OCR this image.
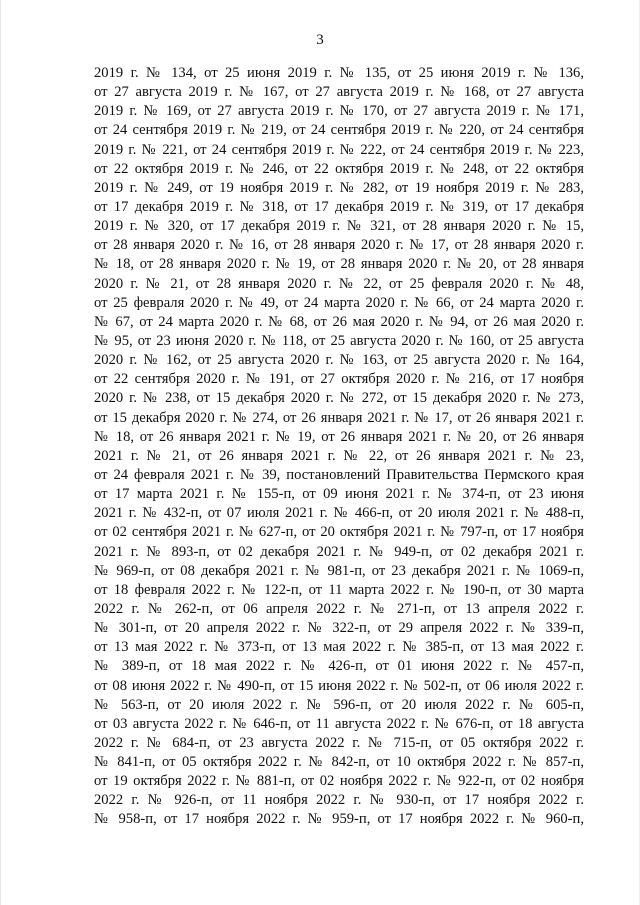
3
2019 г. № 134, от 25 июня 2019 г. № 135, от 25 июня 2019 г. № 136,
от 27 августа 2019 г. № 167, от 27 августа 2019 г. № 168, от 27 августа
2019 г. № 169, от 27 августа 2019 г. № 170, от 27 августа 2019 г. № 171,
от 24 сентября 2019 г. № 219, от 24 сентября 2019 г. № 220, от 24 сентября
2019 г. № 221, от 24 сентября 2019 г. № 222, от 24 сентября 2019 г. № 223,
от 22 октября 2019 г. № 246, от 22 октября 2019 г. № 248, от 22 октября
2019 г. № 249, от 19 ноября 2019 г. № 282, от 19 ноября 2019 г. № 283,
от 17 декабря 2019 г. № 318, от 17 декабря 2019 г. № 319, от 17 декабря
2019 г. № 320, от 17 декабря 2019 г. № 321, от 28 января 2020 г. № 15,
от 28 января 2020 г. № 16, от 28 января 2020 г. № 17, от 28 января 2020 г.
№ 18, от 28 января 2020 г. № 19, от 28 января 2020 г. № 20, от 28 января
2020 г. № 21, от 28 января 2020 г. № 22, от 25 февраля 2020 г. № 48,
от 25 февраля 2020 г. № 49, от 24 марта 2020 г. № 66, от 24 марта 2020 г.
№ 67, от 24 марта 2020 г. № 68, от 26 мая 2020 г. № 94, от 26 мая 2020 г.
№ 95, от 23 июня 2020 г. № 118, от 25 августа 2020 г. № 160, от 25 августа
2020 г. № 162, от 25 августа 2020 г. № 163, от 25 августа 2020 г. № 164,
от 22 сентября 2020 г. № 191, от 27 октября 2020 г. № 216, от 17 ноября
2020 г. № 238, от 15 декабря 2020 г. № 272, от 15 декабря 2020 г. № 273,
от 15 декабря 2020 г. № 274, от 26 января 2021 г. № 17, от 26 января 2021 г.
№ 18, от 26 января 2021 г. № 19, от 26 января 2021 г. № 20, от 26 января
2021 г. № 21, от 26 января 2021 г. № 22, от 26 января 2021 г. № 23,
от 24 февраля 2021 г. № 39, постановлений Правительства Пермского края
от 17 марта 2021 г. № 155-п, от 09 июня 2021 г. № 374-п, от 23 июня
2021 г. № 432-п, от 07 июля 2021 г. № 466-п, от 20 июля 2021 г. № 488-п,
от 02 сентября 2021 г. № 627-п, от 20 октября 2021 г. № 797-п, от 17 ноября
2021 г. № 893-п, от 02 декабря 2021 г. № 949-п, от 02 декабря 2021 г.
№ 969-п, от 08 декабря 2021 г. № 981-п, от 23 декабря 2021 г. № 1069-п,
от 18 февраля 2022 г. № 122-п, от 11 марта 2022 г. № 190-п, от 30 марта
2022 г. № 262-п, от 06 апреля 2022 г. № 271-п, от 13 апреля 2022 г.
№ 301-п, от 20 апреля 2022 г. № 322-п, от 29 апреля 2022 г. № 339-п,
от 13 мая 2022 г. № 373-п, от 13 мая 2022 г. № 385-п, от 13 мая 2022 г.
№ 389-п, от 18 мая 2022 г. № 426-п, от 01 июня 2022 г. № 457-п,
от 08 июня 2022 г. № 490-п, от 15 июня 2022 г. № 502-п, от 06 июля 2022 г.
№ 563-п, от 20 июля 2022 г. № 596-п, от 20 июля 2022 г. № 605-п,
от 03 августа 2022 г. № 646-п, от 11 августа 2022 г. № 676-п, от 18 августа
2022 г. № 684-п, от 23 августа 2022 г. № 715-п, от 05 октября 2022 г.
№ 841-п, от 05 октября 2022 г. № 842-п, от 10 октября 2022 г. № 857-п,
от 19 октября 2022 г. № 881-п, от 02 ноября 2022 г. № 922-п, от 02 ноября
2022 г. № 926-п, от 11 ноября 2022 г. № 930-п, от 17 ноября 2022 г.
№ 958-п, от 17 ноября 2022 г. № 959-п, от 17 ноября 2022 г. № 960-п,
